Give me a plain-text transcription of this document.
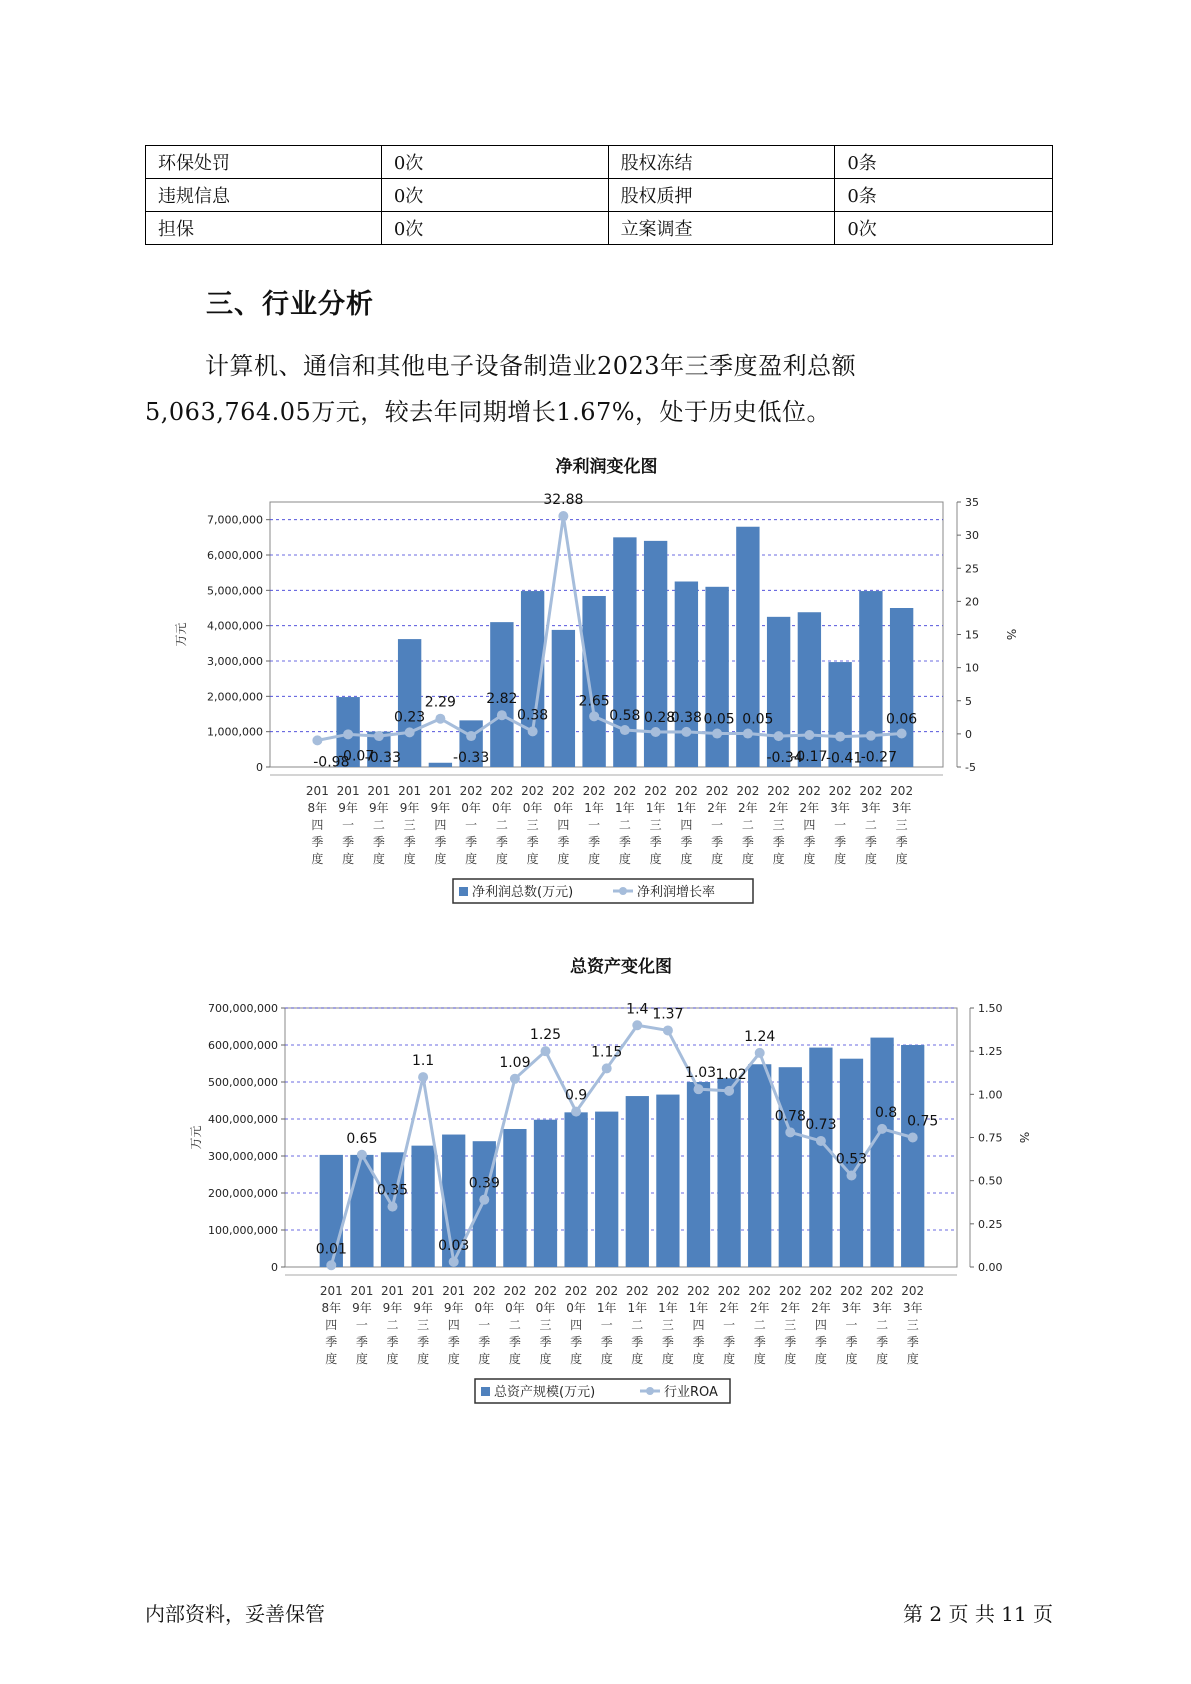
环保处罚	0次	股权冻结	0条
违规信息	0次	股权质押	0条
担保	0次	立案调查	0次
三、行业分析

计算机、通信和其他电子设备制造业2023年三季度盈利总额5,063,764.05万元，较去年同期增长1.67%，处于历史低位。

净利润变化图
0
1,000,000
2,000,000
3,000,000
4,000,000
5,000,000
6,000,000
7,000,000
-5
0
5
10
15
20
25
30
35
万元	%
201 8年四季度
201 9年一季度
201 9年二季度
201 9年三季度
201 9年四季度
202 0年一季度
202 0年二季度
202 0年三季度
202 0年四季度
202 1年一季度
202 1年二季度
202 1年三季度
202 1年四季度
202 2年一季度
202 2年二季度
202 2年三季度
202 2年四季度
202 3年一季度
202 3年二季度
202 3年三季度
-0.98
-0.07
-0.33
0.23
2.29
-0.33
2.82
0.38
32.88
2.65
0.58 0.28
0.38 0.05 0.05
-0.34
-0.17
-0.41
-0.27
0.06
净利润总数(万元)	净利润增长率
总资产变化图
0
100,000,000
200,000,000
300,000,000
400,000,000
500,000,000
600,000,000
700,000,000
0.00
0.25
0.50
0.75
1.00
1.25
1.50
万元	%
201 8年四季度
201 9年一季度
201 9年二季度
201 9年三季度
201 9年四季度
202 0年一季度
202 0年二季度
202 0年三季度
202 0年四季度
202 1年一季度
202 1年二季度
202 1年三季度
202 1年四季度
202 2年一季度
202 2年二季度
202 2年三季度
202 2年四季度
202 3年一季度
202 3年二季度
202 3年三季度
0.01
0.65
0.35
1.1
0.03
0.39
1.09
1.25
0.9
1.15
1.4 1.37
1.03 1.02
1.24
0.78
0.73
0.53
0.8
0.75
总资产规模(万元)	行业ROA
内部资料，妥善保管	第 2 页 共 11 页
